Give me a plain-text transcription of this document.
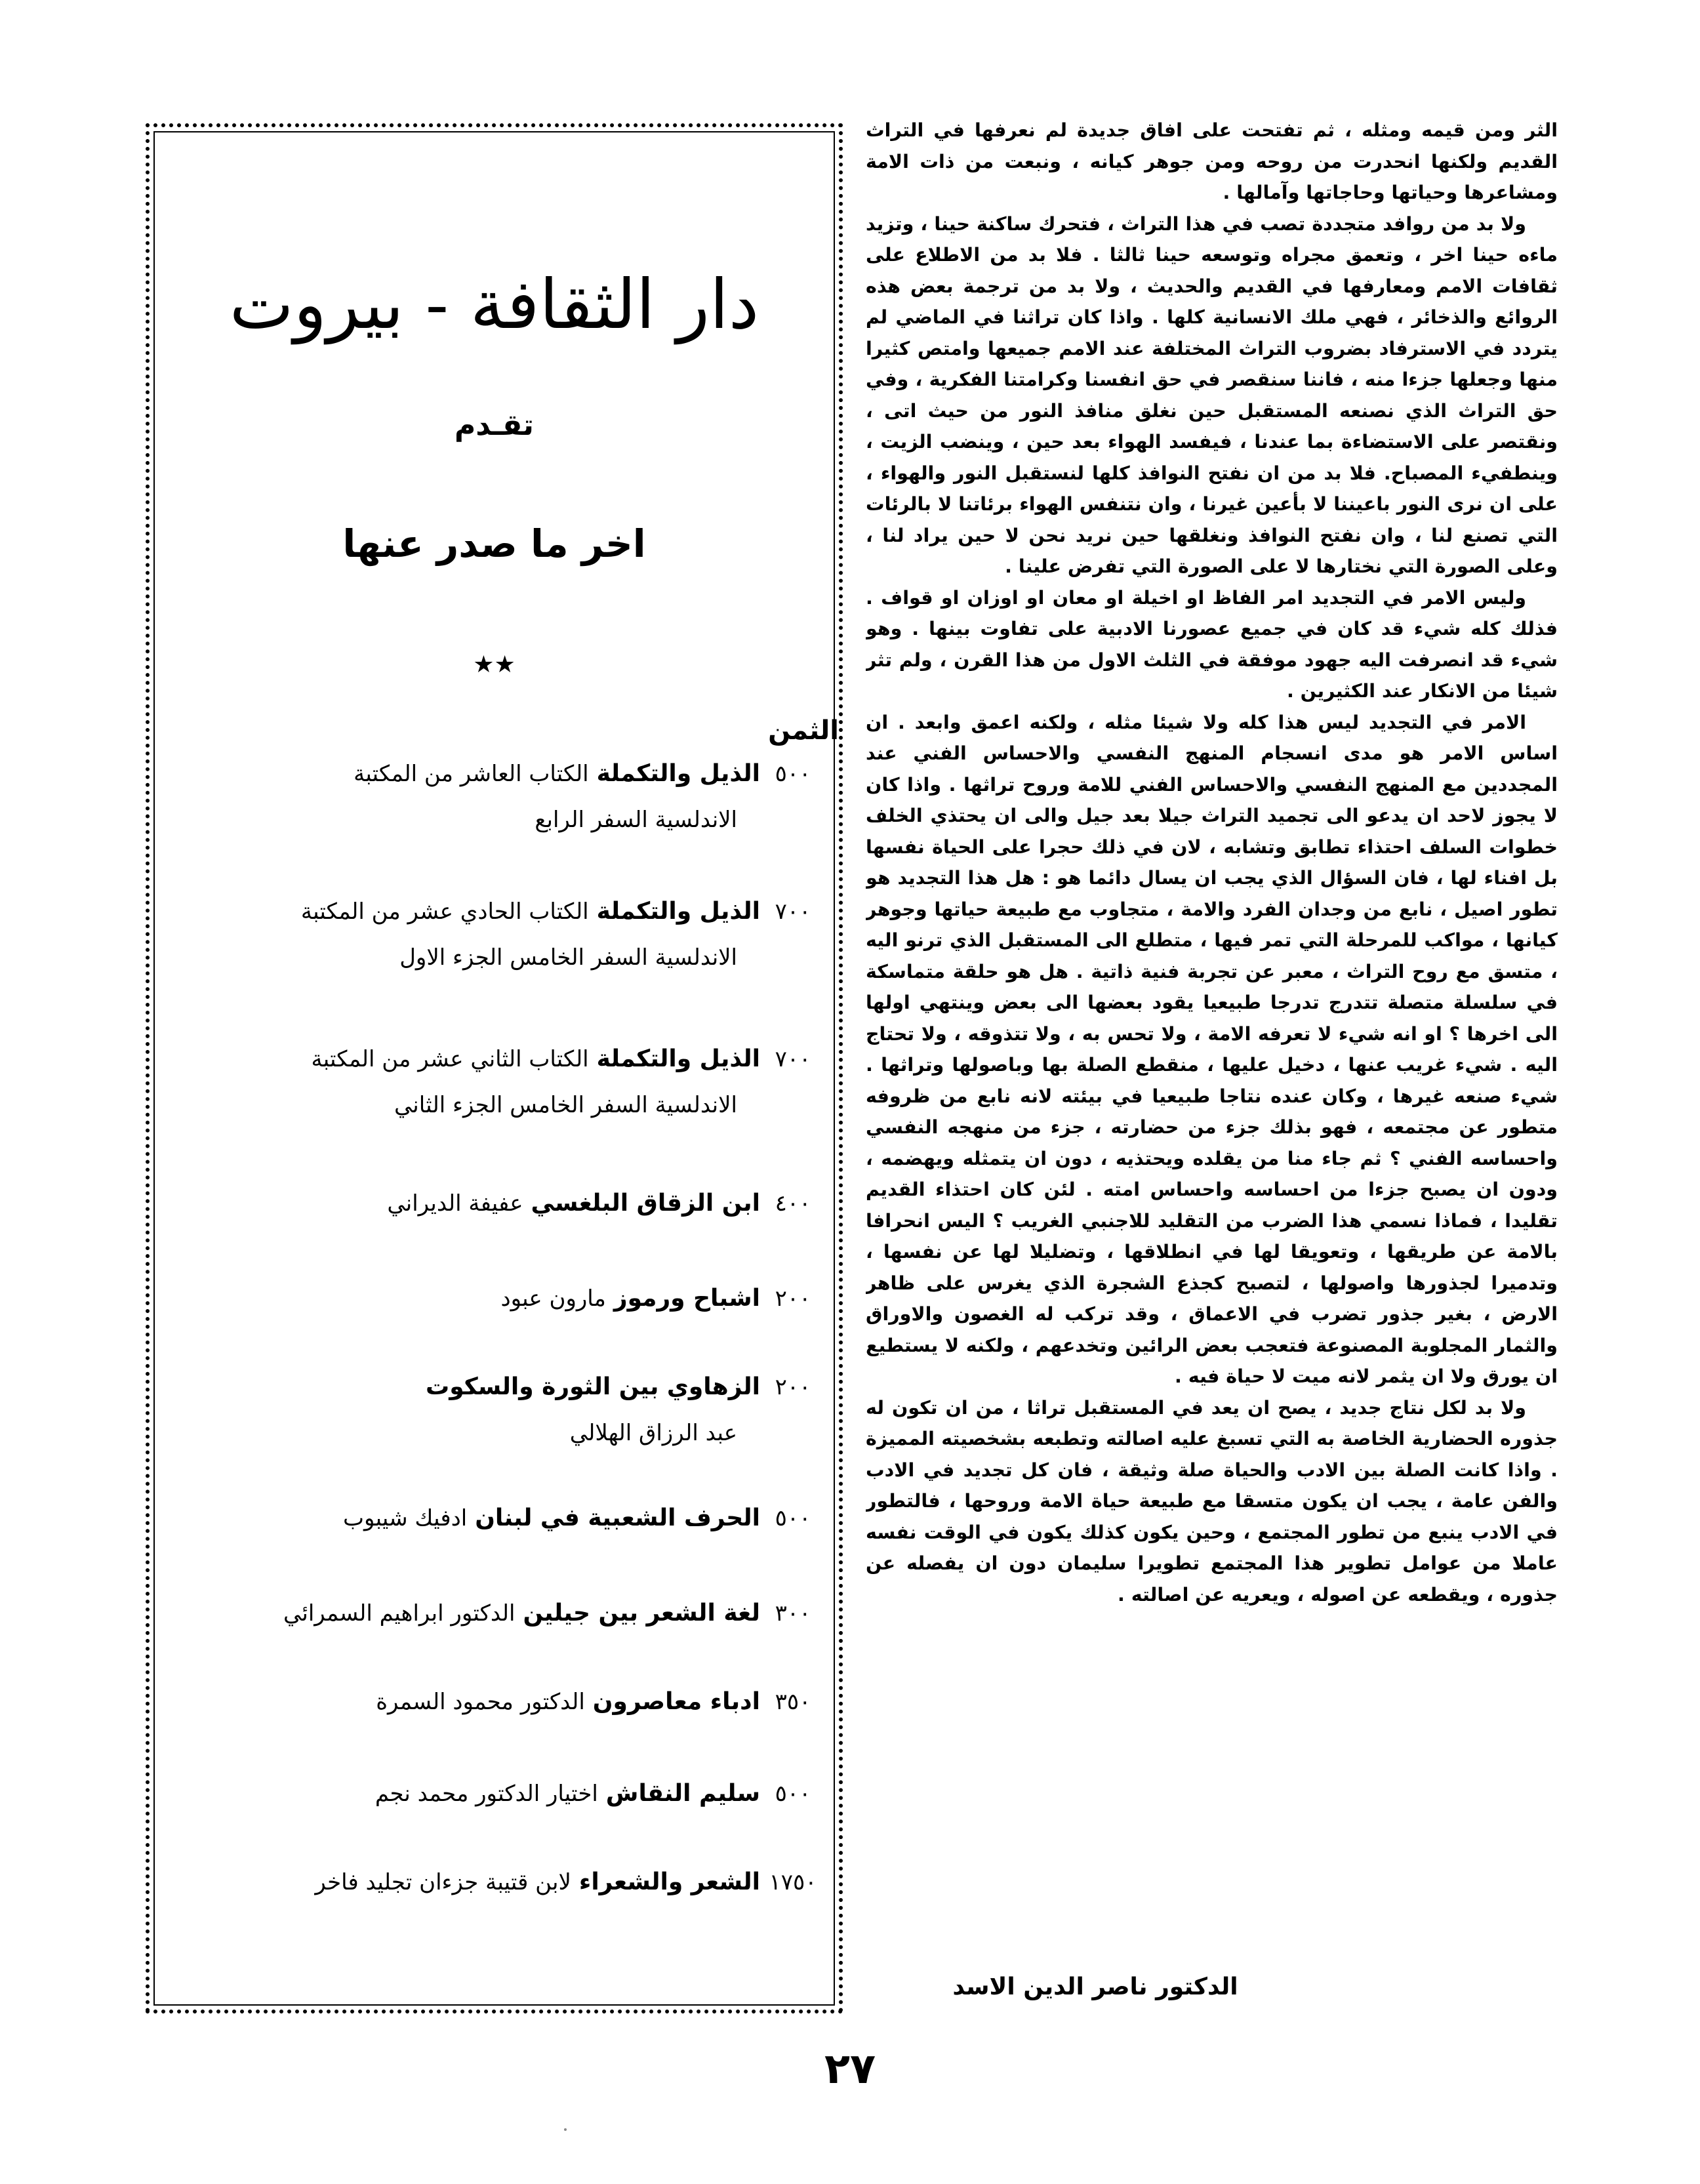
الثر ومن قيمه ومثله ، ثم تفتحت على افاق جديدة لم نعرفها في التراث القديم ولكنها انحدرت من روحه ومن جوهر كيانه ، ونبعت من ذات الامة ومشاعرها وحياتها وحاجاتها وآمالها .

ولا بد من روافد متجددة تصب في هذا التراث ، فتحرك ساكنة حينا ، وتزيد ماءه حينا اخر ، وتعمق مجراه وتوسعه حينا ثالثا . فلا بد من الاطلاع على ثقافات الامم ومعارفها في القديم والحديث ، ولا بد من ترجمة بعض هذه الروائع والذخائر ، فهي ملك الانسانية كلها . واذا كان تراثنا في الماضي لم يتردد في الاسترفاد بضروب التراث المختلفة عند الامم جميعها وامتص كثيرا منها وجعلها جزءا منه ، فاننا سنقصر في حق انفسنا وكرامتنا الفكرية ، وفي حق التراث الذي نصنعه المستقبل حين نغلق منافذ النور من حيث اتى ، ونقتصر على الاستضاءة بما عندنا ، فيفسد الهواء بعد حين ، وينضب الزيت ، وينطفيء المصباح. فلا بد من ان نفتح النوافذ كلها لنستقبل النور والهواء ، على ان نرى النور باعيننا لا بأعين غيرنا ، وان نتنفس الهواء برئاتنا لا بالرئات التي تصنع لنا ، وان نفتح النوافذ ونغلقها حين نريد نحن لا حين يراد لنا ، وعلى الصورة التي نختارها لا على الصورة التي تفرض علينا .

وليس الامر في التجديد امر الفاظ او اخيلة او معان او اوزان او قواف . فذلك كله شيء قد كان في جميع عصورنا الادبية على تفاوت بينها . وهو شيء قد انصرفت اليه جهود موفقة في الثلث الاول من هذا القرن ، ولم تثر شيئا من الانكار عند الكثيرين .

الامر في التجديد ليس هذا كله ولا شيئا مثله ، ولكنه اعمق وابعد . ان اساس الامر هو مدى انسجام المنهج النفسي والاحساس الفني عند المجددين مع المنهج النفسي والاحساس الفني للامة وروح تراثها . واذا كان لا يجوز لاحد ان يدعو الى تجميد التراث جيلا بعد جيل والى ان يحتذي الخلف خطوات السلف احتذاء تطابق وتشابه ، لان في ذلك حجرا على الحياة نفسها بل افناء لها ، فان السؤال الذي يجب ان يسال دائما هو : هل هذا التجديد هو تطور اصيل ، نابع من وجدان الفرد والامة ، متجاوب مع طبيعة حياتها وجوهر كيانها ، مواكب للمرحلة التي تمر فيها ، متطلع الى المستقبل الذي ترنو اليه ، متسق مع روح التراث ، معبر عن تجربة فنية ذاتية . هل هو حلقة متماسكة في سلسلة متصلة تتدرج تدرجا طبيعيا يقود بعضها الى بعض وينتهي اولها الى اخرها ؟ او انه شيء لا تعرفه الامة ، ولا تحس به ، ولا تتذوقه ، ولا تحتاج اليه . شيء غريب عنها ، دخيل عليها ، منقطع الصلة بها وباصولها وتراثها . شيء صنعه غيرها ، وكان عنده نتاجا طبيعيا في بيئته لانه نابع من ظروفه متطور عن مجتمعه ، فهو بذلك جزء من حضارته ، جزء من منهجه النفسي واحساسه الفني ؟ ثم جاء منا من يقلده ويحتذيه ، دون ان يتمثله ويهضمه ، ودون ان يصبح جزءا من احساسه واحساس امته . لئن كان احتذاء القديم تقليدا ، فماذا نسمي هذا الضرب من التقليد للاجنبي الغريب ؟ اليس انحرافا بالامة عن طريقها ، وتعويقا لها في انطلاقها ، وتضليلا لها عن نفسها ، وتدميرا لجذورها واصولها ، لتصبح كجذع الشجرة الذي يغرس على ظاهر الارض ، بغير جذور تضرب في الاعماق ، وقد تركب له الغصون والاوراق والثمار المجلوبة المصنوعة فتعجب بعض الرائين وتخدعهم ، ولكنه لا يستطيع ان يورق ولا ان يثمر لانه ميت لا حياة فيه .

ولا بد لكل نتاج جديد ، يصح ان يعد في المستقبل تراثا ، من ان تكون له جذوره الحضارية الخاصة به التي تسبغ عليه اصالته وتطبعه بشخصيته المميزة . واذا كانت الصلة بين الادب والحياة صلة وثيقة ، فان كل تجديد في الادب والفن عامة ، يجب ان يكون متسقا مع طبيعة حياة الامة وروحها ، فالتطور في الادب ينبع من تطور المجتمع ، وحين يكون كذلك يكون في الوقت نفسه عاملا من عوامل تطوير هذا المجتمع تطويرا سليمان دون ان يفصله عن جذوره ، ويقطعه عن اصوله ، ويعريه عن اصالته .

الدكتور ناصر الدين الاسد
دار الثقافة - بيروت
تقـدم
اخر ما صدر عنها
★★
الثمن
٥٠٠
الذيل والتكملة
الكتاب العاشر من المكتبة
الاندلسية السفر الرابع
٧٠٠
الذيل والتكملة
الكتاب الحادي عشر من المكتبة
الاندلسية السفر الخامس الجزء الاول
٧٠٠
الذيل والتكملة
الكتاب الثاني عشر من المكتبة
الاندلسية السفر الخامس الجزء الثاني
٤٠٠
ابن الزقاق البلغسي
عفيفة الديراني
٢٠٠
اشباح ورموز
مارون عبود
٢٠٠
الزهاوي بين الثورة والسكوت
عبد الرزاق الهلالي
٥٠٠
الحرف الشعبية في لبنان
ادفيك شيبوب
٣٠٠
لغة الشعر بين جيلين
الدكتور ابراهيم السمرائي
٣٥٠
ادباء معاصرون
الدكتور محمود السمرة
٥٠٠
سليم النقاش
اختيار الدكتور محمد نجم
١٧٥٠
الشعر والشعراء
لابن قتيبة جزءان تجليد فاخر
٢٧
